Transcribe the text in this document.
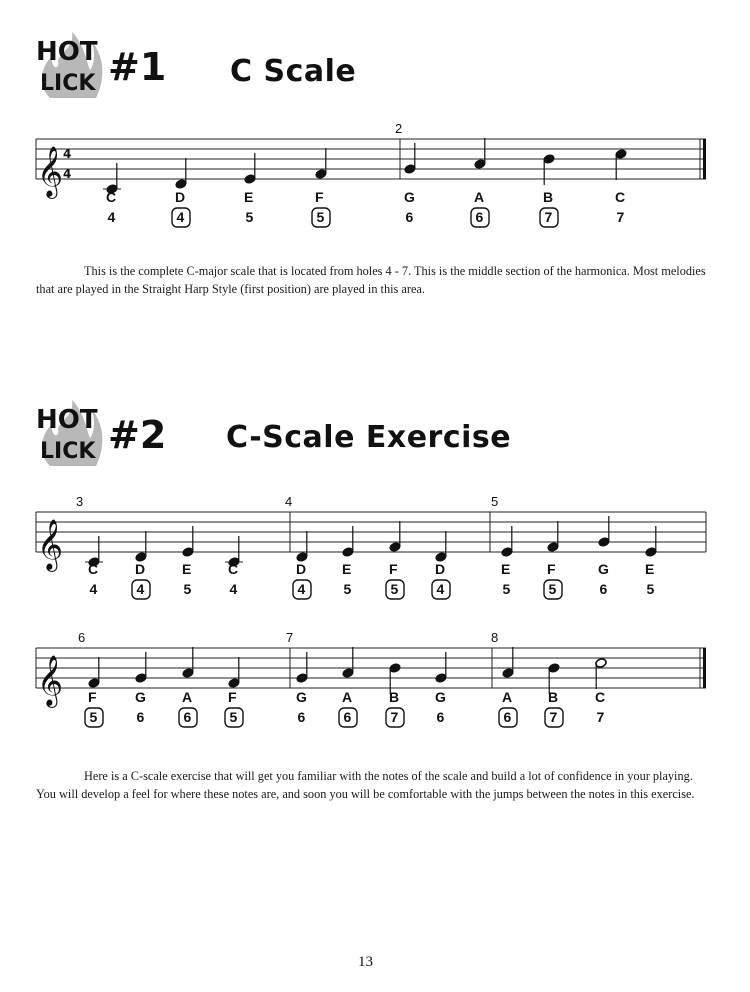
HOT
LICK #1 C Scale
HOT
LICK #2 C-Scale Exercise
𝄞 4
4
2
C
4
D
4
E
5
F
5
G
6
A
6
B
7
C
7
𝄞
3	4	5
C
4
D
4
E
5
C
4
D
4
E
5
F
5
D
4
E
5
F
5
G
6
E
5
𝄞
6	7	8
F
5
G
6
A
6
F
5
G
6
A
6
B
7
G
6
A
6
B
7
C
7
This is the complete C-major scale that is located from holes 4 - 7. This is the middle section of the harmonica. Most melodies that are played in the Straight Harp Style (first position) are played in this area.
Here is a C-scale exercise that will get you familiar with the notes of the scale and build a lot of confidence in your playing. You will develop a feel for where these notes are, and soon you will be comfortable with the jumps between the notes in this exercise.
13
